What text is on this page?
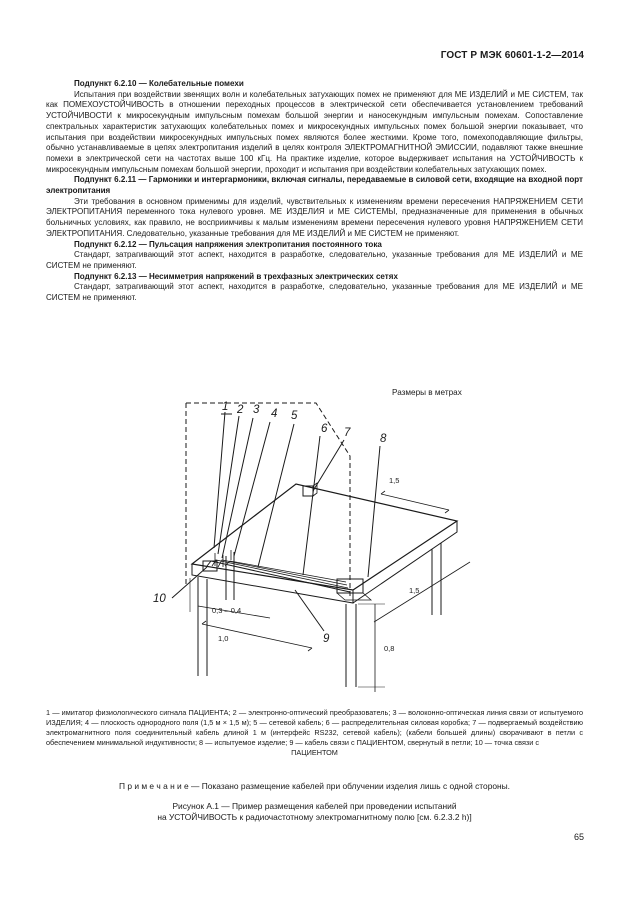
ГОСТ Р МЭК 60601-1-2—2014

Подпункт 6.2.10 — Колебательные помехи

Испытания при воздействии звенящих волн и колебательных затухающих помех не применяют для МЕ ИЗДЕЛИЙ и МЕ СИСТЕМ, так как ПОМЕХОУСТОЙЧИВОСТЬ в отношении переходных процессов в электрической сети обеспечивается установлением требований УСТОЙЧИВОСТИ к микросекундным импульсным помехам большой энергии и наносекундным импульсным помехам. Сопоставление спектральных характеристик затухающих колебательных помех и микросекундных импульсных помех большой энергии показывает, что испытания при воздействии микросекундных импульсных помех являются более жесткими. Кроме того, помехоподавляющие фильтры, обычно устанавливаемые в цепях электропитания изделий в целях контроля ЭЛЕКТРОМАГНИТНОЙ ЭМИССИИ, подавляют также внешние помехи в электрической сети на частотах выше 100 кГц. На практике изделие, которое выдерживает испытания на УСТОЙЧИВОСТЬ к микросекундным импульсным помехам большой энергии, проходит и испытания при воздействии колебательных затухающих помех.

Подпункт 6.2.11 — Гармоники и интергармоники, включая сигналы, передаваемые в силовой сети, входящие на входной порт электропитания

Эти требования в основном применимы для изделий, чувствительных к изменениям времени пересечения НАПРЯЖЕНИЕМ СЕТИ ЭЛЕКТРОПИТАНИЯ переменного тока нулевого уровня. МЕ ИЗДЕЛИЯ и МЕ СИСТЕМЫ, предназначенные для применения в обычных больничных условиях, как правило, не восприимчивы к малым изменениям времени пересечения нулевого уровня НАПРЯЖЕНИЕМ СЕТИ ЭЛЕКТРОПИТАНИЯ. Следовательно, указанные требования для МЕ ИЗДЕЛИЙ и МЕ СИСТЕМ не применяют.

Подпункт 6.2.12 — Пульсация напряжения электропитания постоянного тока

Стандарт, затрагивающий этот аспект, находится в разработке, следовательно, указанные требования для МЕ ИЗДЕЛИЙ и МЕ СИСТЕМ не применяют.

Подпункт 6.2.13 — Несимметрия напряжений в трехфазных электрических сетях

Стандарт, затрагивающий этот аспект, находится в разработке, следовательно, указанные требования для МЕ ИЗДЕЛИЙ и МЕ СИСТЕМ не применяют.

Размеры в метрах
1 2 3 4 5
6 7	8
9
10
1,5
1,5
0,8
1,0
0,3 – 0,4
1 — имитатор физиологического сигнала ПАЦИЕНТА; 2 — электронно-оптический преобразователь; 3 — волоконно-оптическая линия связи от испытуемого ИЗДЕЛИЯ; 4 — плоскость однородного поля (1,5 м × 1,5 м); 5 — сетевой кабель; 6 — распределительная силовая коробка; 7 — подвергаемый воздействию электромагнитного поля соединительный кабель длиной 1 м (интерфейс RS232, сетевой кабель); (кабели большей длины) сворачивают в петли с обеспечением минимальной индуктивности; 8 — испытуемое изделие; 9 — кабель связи с ПАЦИЕНТОМ, свернутый в петли; 10 — точка связи с
ПАЦИЕНТОМ
П р и м е ч а н и е — Показано размещение кабелей при облучении изделия лишь с одной стороны.
Рисунок А.1 — Пример размещения кабелей при проведении испытаний
на УСТОЙЧИВОСТЬ к радиочастотному электромагнитному полю [см. 6.2.3.2 h)]
65
